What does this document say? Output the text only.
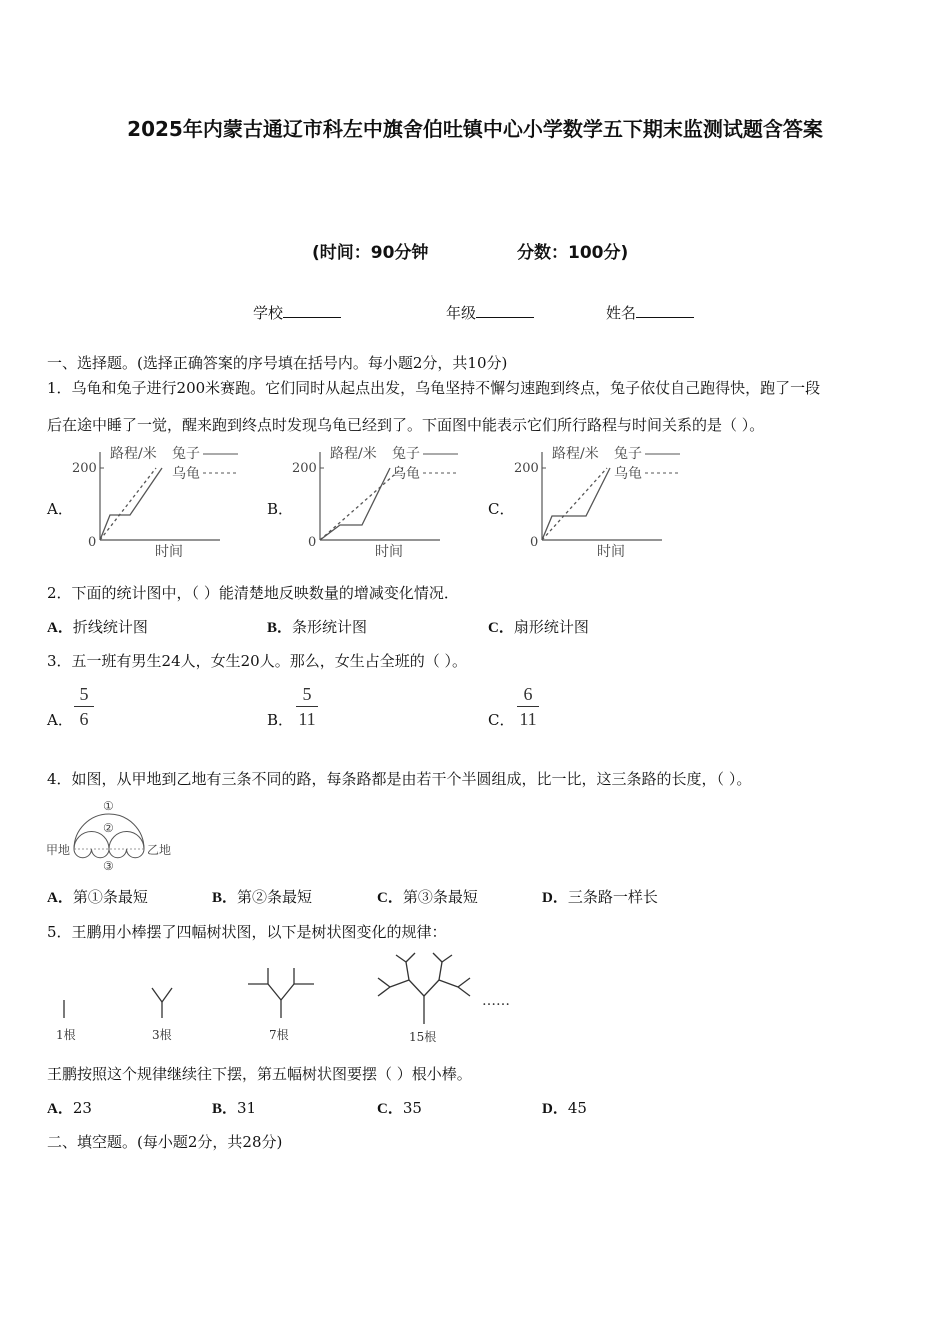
2025年内蒙古通辽市科左中旗舍伯吐镇中心小学数学五下期末监测试题含答案
(时间：90分钟	分数：100分)
学校	年级	姓名
一、选择题。(选择正确答案的序号填在括号内。每小题2分，共10分)
1．乌龟和兔子进行200米赛跑。它们同时从起点出发，乌龟坚持不懈匀速跑到终点，兔子依仗自己跑得快，跑了一段
后在途中睡了一觉，醒来跑到终点时发现乌龟已经到了。下面图中能表示它们所行路程与时间关系的是（ ）。
A．	B．	C．
路程/米
200
0
时间
兔子
乌龟
路程/米
200
0
时间
兔子
乌龟
路程/米
200
0
时间
兔子
乌龟
2．下面的统计图中，（ ）能清楚地反映数量的增减变化情况．
A．折线统计图	B．条形统计图	C．扇形统计图
3．五一班有男生24人，女生20人。那么，女生占全班的（ ）。
A．
5
6	B．
5
11	C．
6
11
4．如图，从甲地到乙地有三条不同的路，每条路都是由若干个半圆组成，比一比，这三条路的长度，（ ）。
甲地	乙地
①
②
③
A．第①条最短	B．第②条最短	C．第③条最短	D．三条路一样长
5．王鹏用小棒摆了四幅树状图，以下是树状图变化的规律：
1根	3根	7根	15根
……
王鹏按照这个规律继续往下摆，第五幅树状图要摆（ ）根小棒。
A．23	B．31	C．35	D．45
二、填空题。(每小题2分，共28分)
